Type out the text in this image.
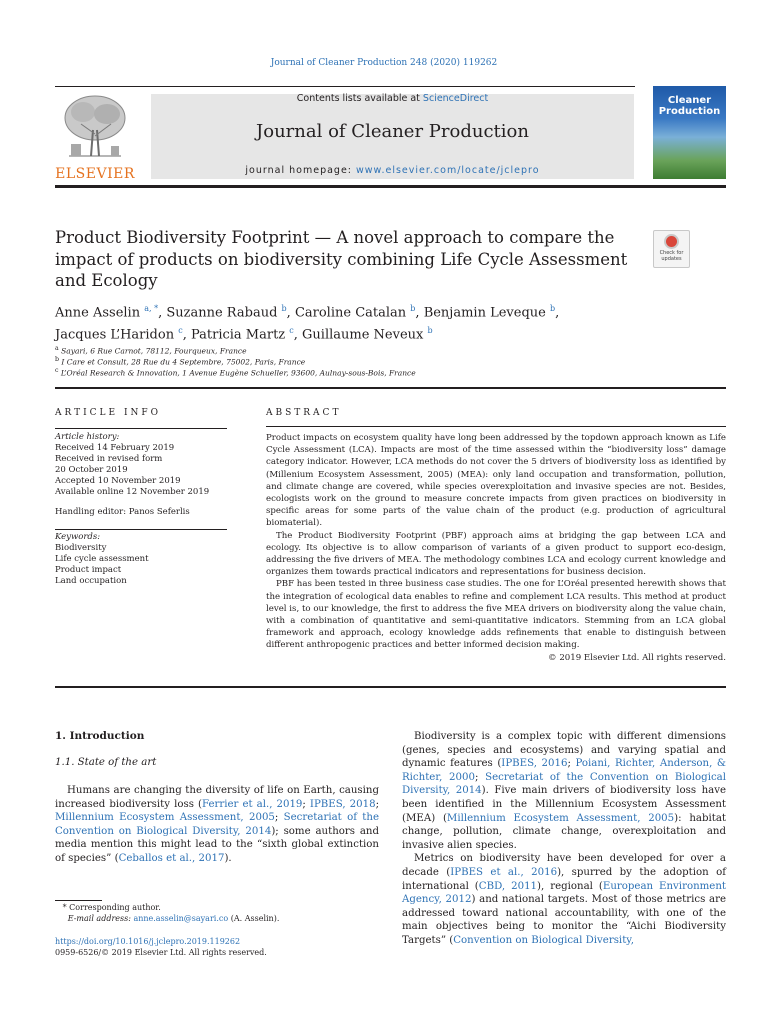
Journal of Cleaner Production 248 (2020) 119262
ELSEVIER
Contents lists available at ScienceDirect
Journal of Cleaner Production
journal homepage: www.elsevier.com/locate/jclepro
Cleaner
Production
Product Biodiversity Footprint — A novel approach to compare the impact of products on biodiversity combining Life Cycle Assessment and Ecology
Check for
updates
Anne Asselin $^{a, *}$, Suzanne Rabaud $^b$, Caroline Catalan $^b$, Benjamin Leveque $^b$,
Jacques L’Haridon $^c$, Patricia Martz $^c$, Guillaume Neveux $^b$
$^a$ Sayari, 6 Rue Carnot, 78112, Fourqueux, France
$^b$ I Care et Consult, 28 Rue du 4 Septembre, 75002, Paris, France
$^c$ L’Oréal Research & Innovation, 1 Avenue Eugène Schueller, 93600, Aulnay-sous-Bois, France
ARTICLE INFO
Article history:
Received 14 February 2019
Received in revised form
20 October 2019
Accepted 10 November 2019
Available online 12 November 2019
Handling editor: Panos Seferlis
Keywords:
Biodiversity
Life cycle assessment
Product impact
Land occupation
ABSTRACT

Product impacts on ecosystem quality have long been addressed by the topdown approach known as Life Cycle Assessment (LCA). Impacts are most of the time assessed within the “biodiversity loss” damage category indicator. However, LCA methods do not cover the 5 drivers of biodiversity loss as identified by (Millenium Ecosystem Assessment, 2005) (MEA): only land occupation and transformation, pollution, and climate change are covered, while species overexploitation and invasive species are not. Besides, ecologists work on the ground to measure concrete impacts from given practices on biodiversity in specific areas for some parts of the value chain of the product (e.g. production of agricultural biomaterial).

The Product Biodiversity Footprint (PBF) approach aims at bridging the gap between LCA and ecology. Its objective is to allow comparison of variants of a given product to support eco-design, addressing the five drivers of MEA. The methodology combines LCA and ecology current knowledge and organizes them towards practical indicators and representations for business decision.

PBF has been tested in three business case studies. The one for L’Oréal presented herewith shows that the integration of ecological data enables to refine and complement LCA results. This method at product level is, to our knowledge, the first to address the five MEA drivers on biodiversity along the value chain, with a combination of quantitative and semi-quantitative indicators. Stemming from an LCA global framework and approach, ecology knowledge adds refinements that enable to distinguish between different anthropogenic practices and better informed decision making.

© 2019 Elsevier Ltd. All rights reserved.
1. Introduction
1.1. State of the art

Humans are changing the diversity of life on Earth, causing increased biodiversity loss (Ferrier et al., 2019; IPBES, 2018; Millennium Ecosystem Assessment, 2005; Secretariat of the Convention on Biological Diversity, 2014); some authors and media mention this might lead to the “sixth global extinction of species” (Ceballos et al., 2017).

Biodiversity is a complex topic with different dimensions (genes, species and ecosystems) and varying spatial and dynamic features (IPBES, 2016; Poiani, Richter, Anderson, & Richter, 2000; Secretariat of the Convention on Biological Diversity, 2014). Five main drivers of biodiversity loss have been identified in the Millennium Ecosystem Assessment (MEA) (Millennium Ecosystem Assessment, 2005): habitat change, pollution, climate change, overexploitation and invasive alien species.

Metrics on biodiversity have been developed for over a decade (IPBES et al., 2016), spurred by the adoption of international (CBD, 2011), regional (European Environment Agency, 2012) and national targets. Most of those metrics are addressed toward national accountability, with one of the main objectives being to monitor the “Aichi Biodiversity Targets” (Convention on Biological Diversity,

* Corresponding author.
E-mail address: anne.asselin@sayari.co (A. Asselin).
https://doi.org/10.1016/j.jclepro.2019.119262
0959-6526/© 2019 Elsevier Ltd. All rights reserved.
